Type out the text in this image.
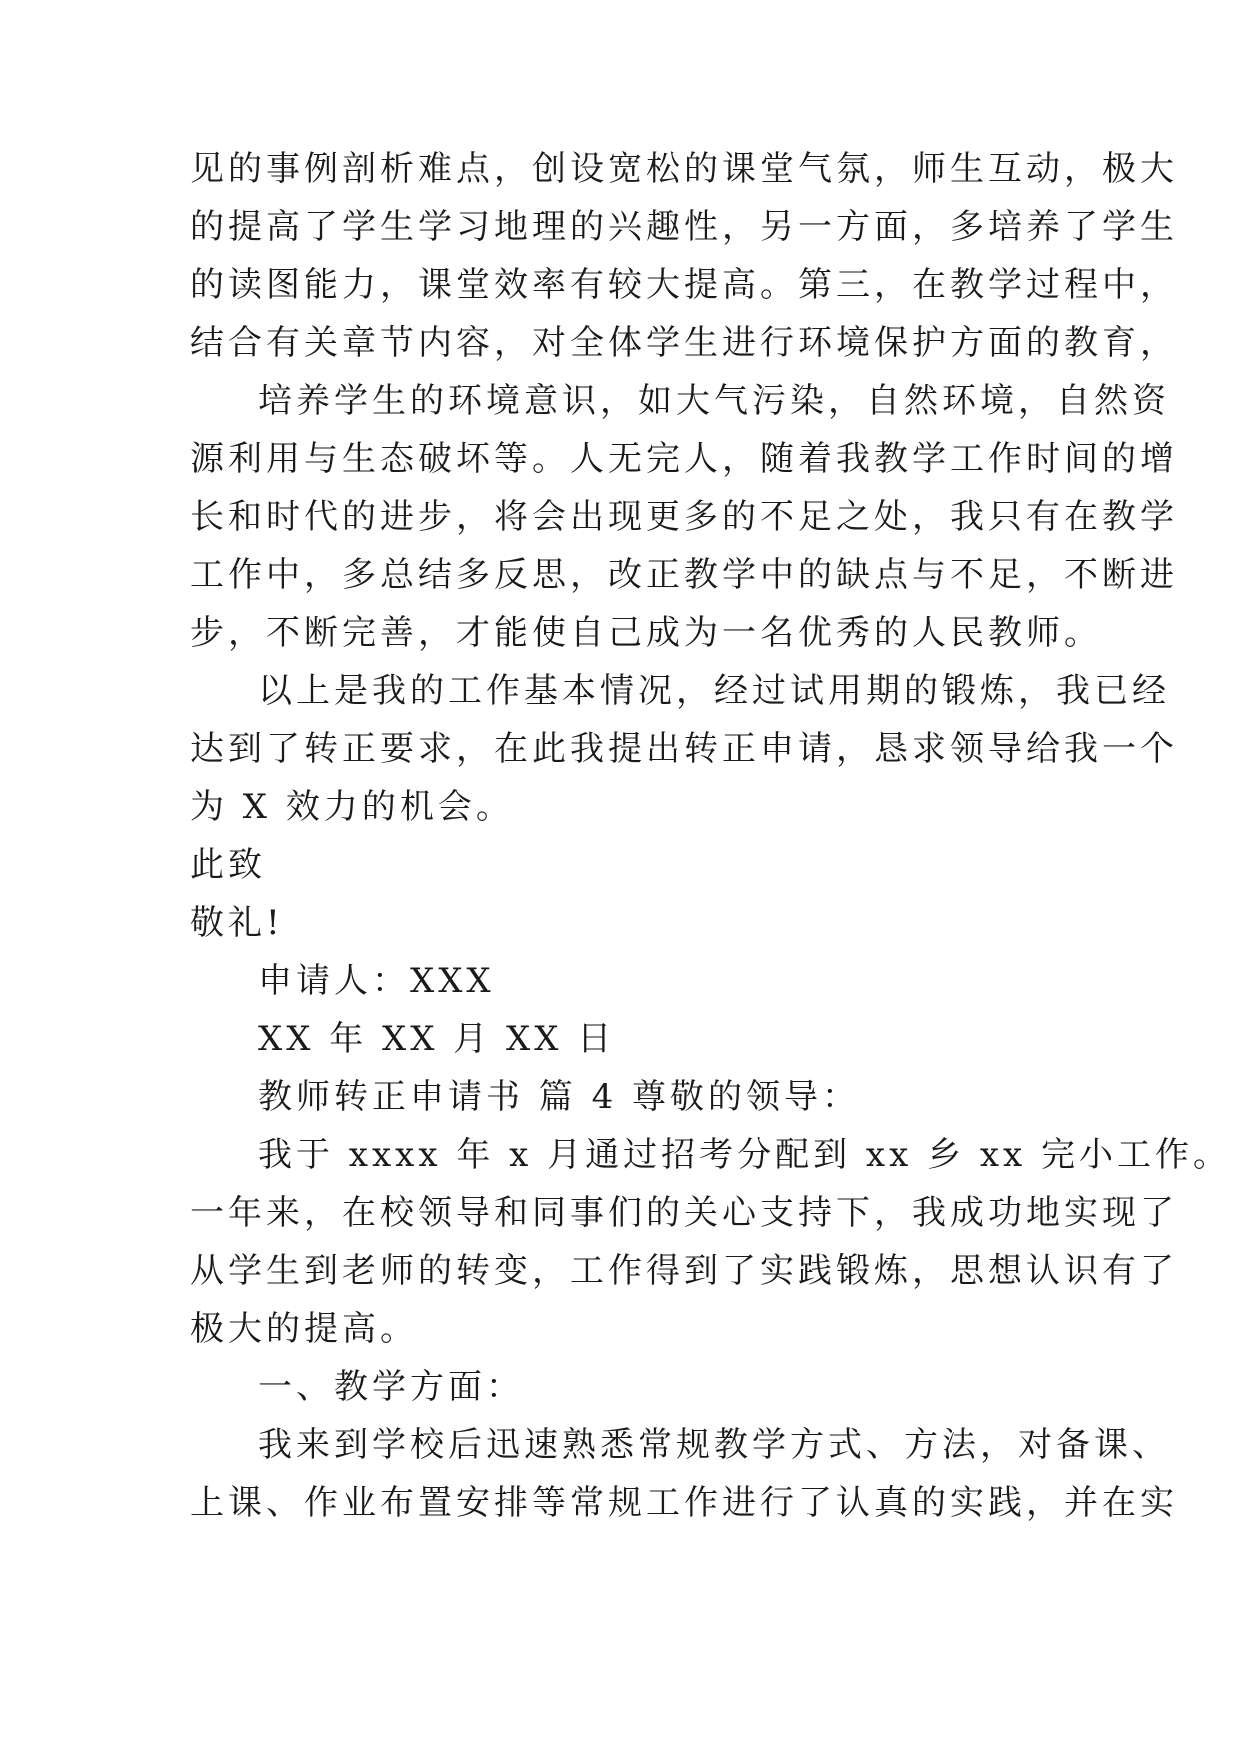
见的事例剖析难点，创设宽松的课堂气氛，师生互动，极大
的提高了学生学习地理的兴趣性，另一方面，多培养了学生
的读图能力，课堂效率有较大提高。第三，在教学过程中，
结合有关章节内容，对全体学生进行环境保护方面的教育，
培养学生的环境意识，如大气污染，自然环境，自然资
源利用与生态破坏等。人无完人，随着我教学工作时间的增
长和时代的进步，将会出现更多的不足之处，我只有在教学
工作中，多总结多反思，改正教学中的缺点与不足，不断进
步，不断完善，才能使自己成为一名优秀的人民教师。
以上是我的工作基本情况，经过试用期的锻炼，我已经
达到了转正要求，在此我提出转正申请，恳求领导给我一个
为 X 效力的机会。
此致
敬礼!
申请人：XXX
XX 年 XX 月 XX 日
教师转正申请书 篇 4 尊敬的领导：
我于 xxxx 年 x 月通过招考分配到 xx 乡 xx 完小工作。
一年来，在校领导和同事们的关心支持下，我成功地实现了
从学生到老师的转变，工作得到了实践锻炼，思想认识有了
极大的提高。
一、教学方面：
我来到学校后迅速熟悉常规教学方式、方法，对备课、
上课、作业布置安排等常规工作进行了认真的实践，并在实
